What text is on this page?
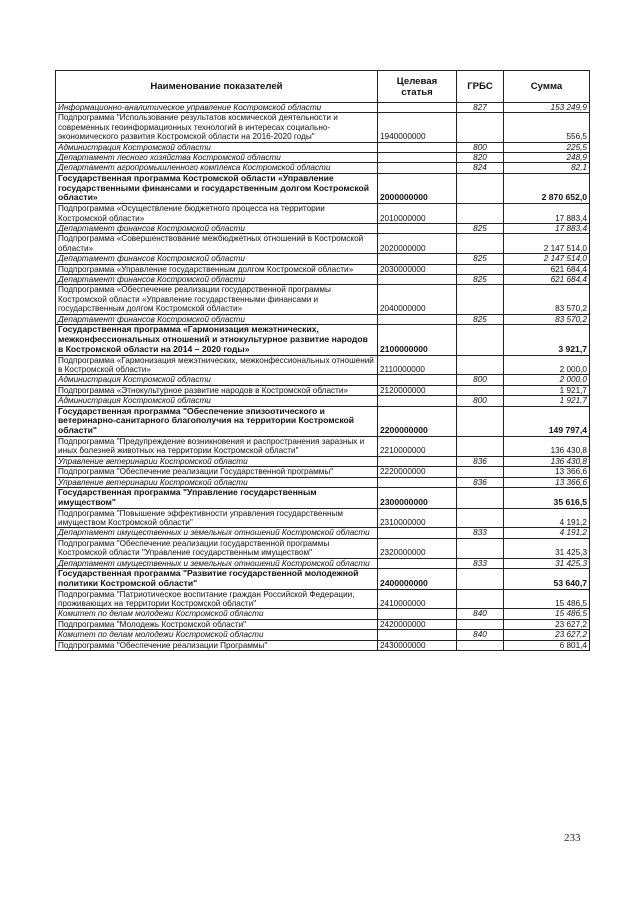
Наименование показателей	Целевая статья	ГРБС	Сумма
Информационно-аналитическое управление Костромской области		827	153 249,9
Подпрограмма "Использование результатов космической деятельности и современных геоинформационных технологий в интересах социально-экономического развития Костромской области на 2016-2020 годы"	1940000000		556,5
Администрация Костромской области		800	225,5
Департамент лесного хозяйства Костромской области		820	248,9
Департамент агропромышленного комплекса Костромской области		824	82,1
Государственная программа Костромской области «Управление государственными финансами и государственным долгом Костромской области»	2000000000		2 870 652,0
Подпрограмма «Осуществление бюджетного процесса на территории Костромской области»	2010000000		17 883,4
Департамент финансов Костромской области		825	17 883,4
Подпрограмма «Совершенствование межбюджетных отношений в Костромской области»	2020000000		2 147 514,0
Департамент финансов Костромской области		825	2 147 514,0
Подпрограмма «Управление государственным долгом Костромской области»	2030000000		621 684,4
Департамент финансов Костромской области		825	621 684,4
Подпрограмма «Обеспечение реализации государственной программы Костромской области «Управление государственными финансами и государственным долгом Костромской области»	2040000000		83 570,2
Департамент финансов Костромской области		825	83 570,2
Государственная программа «Гармонизация межэтнических, межконфессиональных отношений и этнокультурное развитие народов в Костромской области на 2014 – 2020 годы»	2100000000		3 921,7
Подпрограмма «Гармонизация межэтнических, межконфессиональных отношений в Костромской области»	2110000000		2 000,0
Администрация Костромской области		800	2 000,0
Подпрограмма «Этнокультурное развитие народов в Костромской области»	2120000000		1 921,7
Администрация Костромской области		800	1 921,7
Государственная программа "Обеспечение эпизоотического и ветеринарно-санитарного благополучия на территории Костромской области"	2200000000		149 797,4
Подпрограмма "Предупреждение возникновения и распространения заразных и иных болезней животных на территории Костромской области"	2210000000		136 430,8
Управление ветеринарии Костромской области		836	136 430,8
Подпрограмма "Обеспечение реализации Государственной программы"	2220000000		13 366,6
Управление ветеринарии Костромской области		836	13 366,6
Государственная программа "Управление государственным имуществом"	2300000000		35 616,5
Подпрограмма "Повышение эффективности управления государственным имуществом Костромской области"	2310000000		4 191,2
Департамент имущественных и земельных отношений Костромской области		833	4 191,2
Подпрограмма "Обеспечение реализации государственной программы Костромской области "Управление государственным имуществом"	2320000000		31 425,3
Департамент имущественных и земельных отношений Костромской области		833	31 425,3
Государственная программа "Развитие государственной молодежной политики Костромской области"	2400000000		53 640,7
Подпрограмма "Патриотическое воспитание граждан Российской Федерации, проживающих на территории Костромской области"	2410000000		15 486,5
Комитет по делам молодежи Костромской области		840	15 486,5
Подпрограмма "Молодежь Костромской области"	2420000000		23 627,2
Комитет по делам молодежи Костромской области		840	23 627,2
Подпрограмма "Обеспечение реализации Программы"	2430000000		6 801,4
233
